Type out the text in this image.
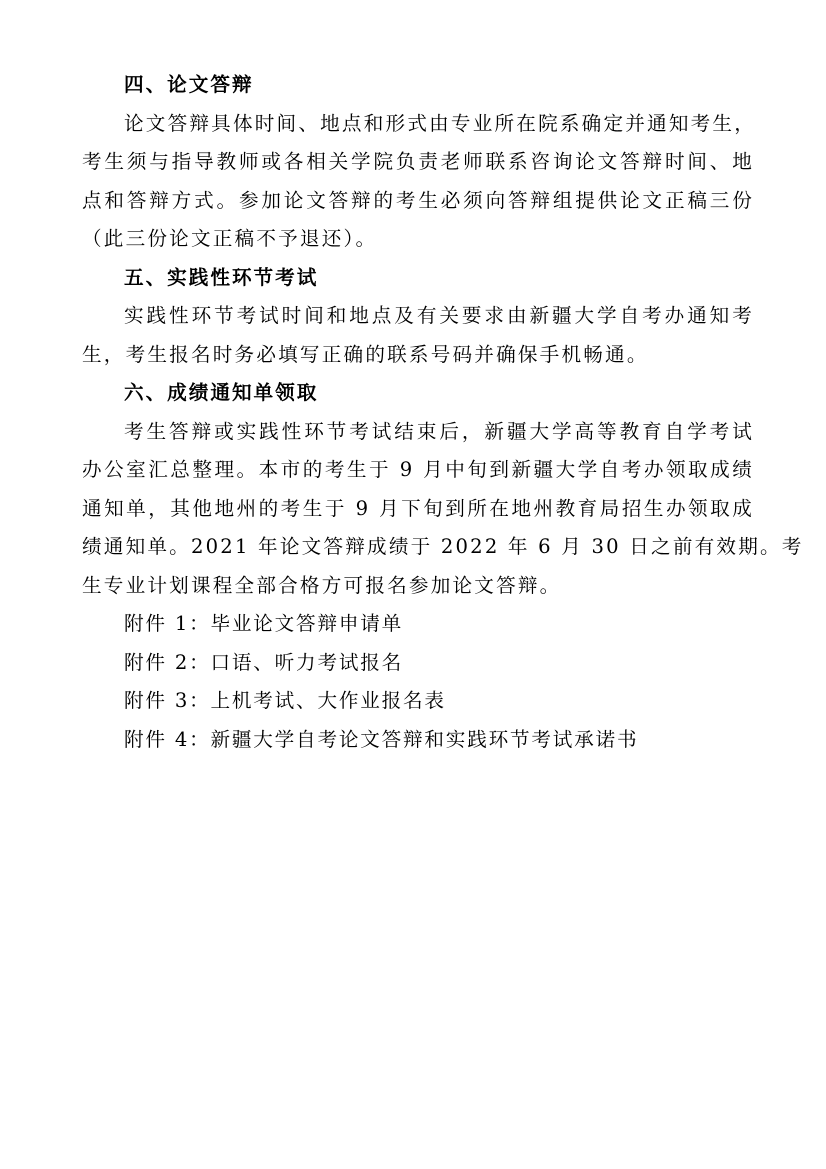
四、论文答辩
论文答辩具体时间、地点和形式由专业所在院系确定并通知考生，
考生须与指导教师或各相关学院负责老师联系咨询论文答辩时间、地
点和答辩方式。参加论文答辩的考生必须向答辩组提供论文正稿三份
（此三份论文正稿不予退还）。
五、实践性环节考试
实践性环节考试时间和地点及有关要求由新疆大学自考办通知考
生，考生报名时务必填写正确的联系号码并确保手机畅通。
六、成绩通知单领取
考生答辩或实践性环节考试结束后，新疆大学高等教育自学考试
办公室汇总整理。本市的考生于 9 月中旬到新疆大学自考办领取成绩
通知单，其他地州的考生于 9 月下旬到所在地州教育局招生办领取成
绩通知单。2021 年论文答辩成绩于 2022 年 6 月 30 日之前有效期。考
生专业计划课程全部合格方可报名参加论文答辩。
附件 1：毕业论文答辩申请单
附件 2：口语、听力考试报名
附件 3：上机考试、大作业报名表
附件 4：新疆大学自考论文答辩和实践环节考试承诺书
